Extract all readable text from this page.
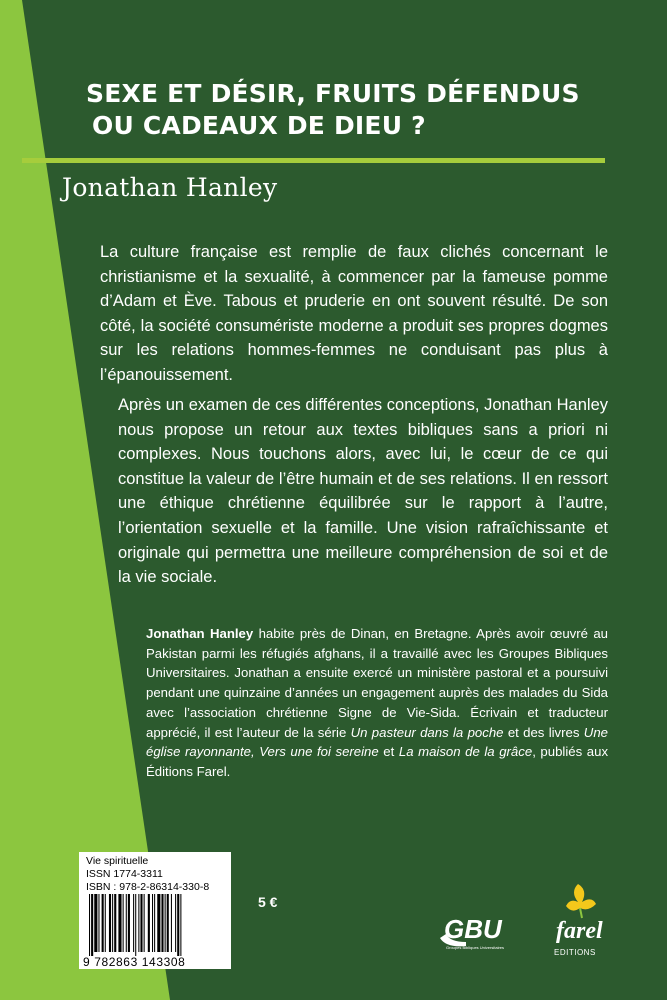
SEXE ET DÉSIR, FRUITS DÉFENDUS
OU CADEAUX DE DIEU ?
Jonathan Hanley
La culture française est remplie de faux clichés concernant le christianisme et la sexualité, à commencer par la fameuse pomme d’Adam et Ève. Tabous et pruderie en ont souvent résulté. De son côté, la société consumériste moderne a produit ses propres dogmes sur les relations hommes-femmes ne conduisant pas plus à l’épanouissement.
Après un examen de ces différentes conceptions, Jonathan Hanley nous propose un retour aux textes bibliques sans a priori ni complexes. Nous touchons alors, avec lui, le cœur de ce qui constitue la valeur de l’être humain et de ses relations. Il en ressort une éthique chrétienne équilibrée sur le rapport à l’autre, l’orientation sexuelle et la famille. Une vision rafraîchissante et originale qui permettra une meilleure compréhension de soi et de la vie sociale.
Jonathan Hanley habite près de Dinan, en Bretagne. Après avoir œuvré au Pakistan parmi les réfugiés afghans, il a travaillé avec les Groupes Bibliques Universitaires. Jonathan a ensuite exercé un ministère pastoral et a poursuivi pendant une quinzaine d’années un engagement auprès des malades du Sida avec l’association chrétienne Signe de Vie-Sida. Écrivain et traducteur apprécié, il est l’auteur de la série Un pasteur dans la poche et des livres Une église rayonnante, Vers une foi sereine et La maison de la grâce, publiés aux Éditions Farel.
Vie spirituelle
ISSN 1774-3311
ISBN : 978-2-86314-330-8
9 782863 143308
5 €
GBU
Groupes Bibliques Universitaires
farel
EDITIONS
